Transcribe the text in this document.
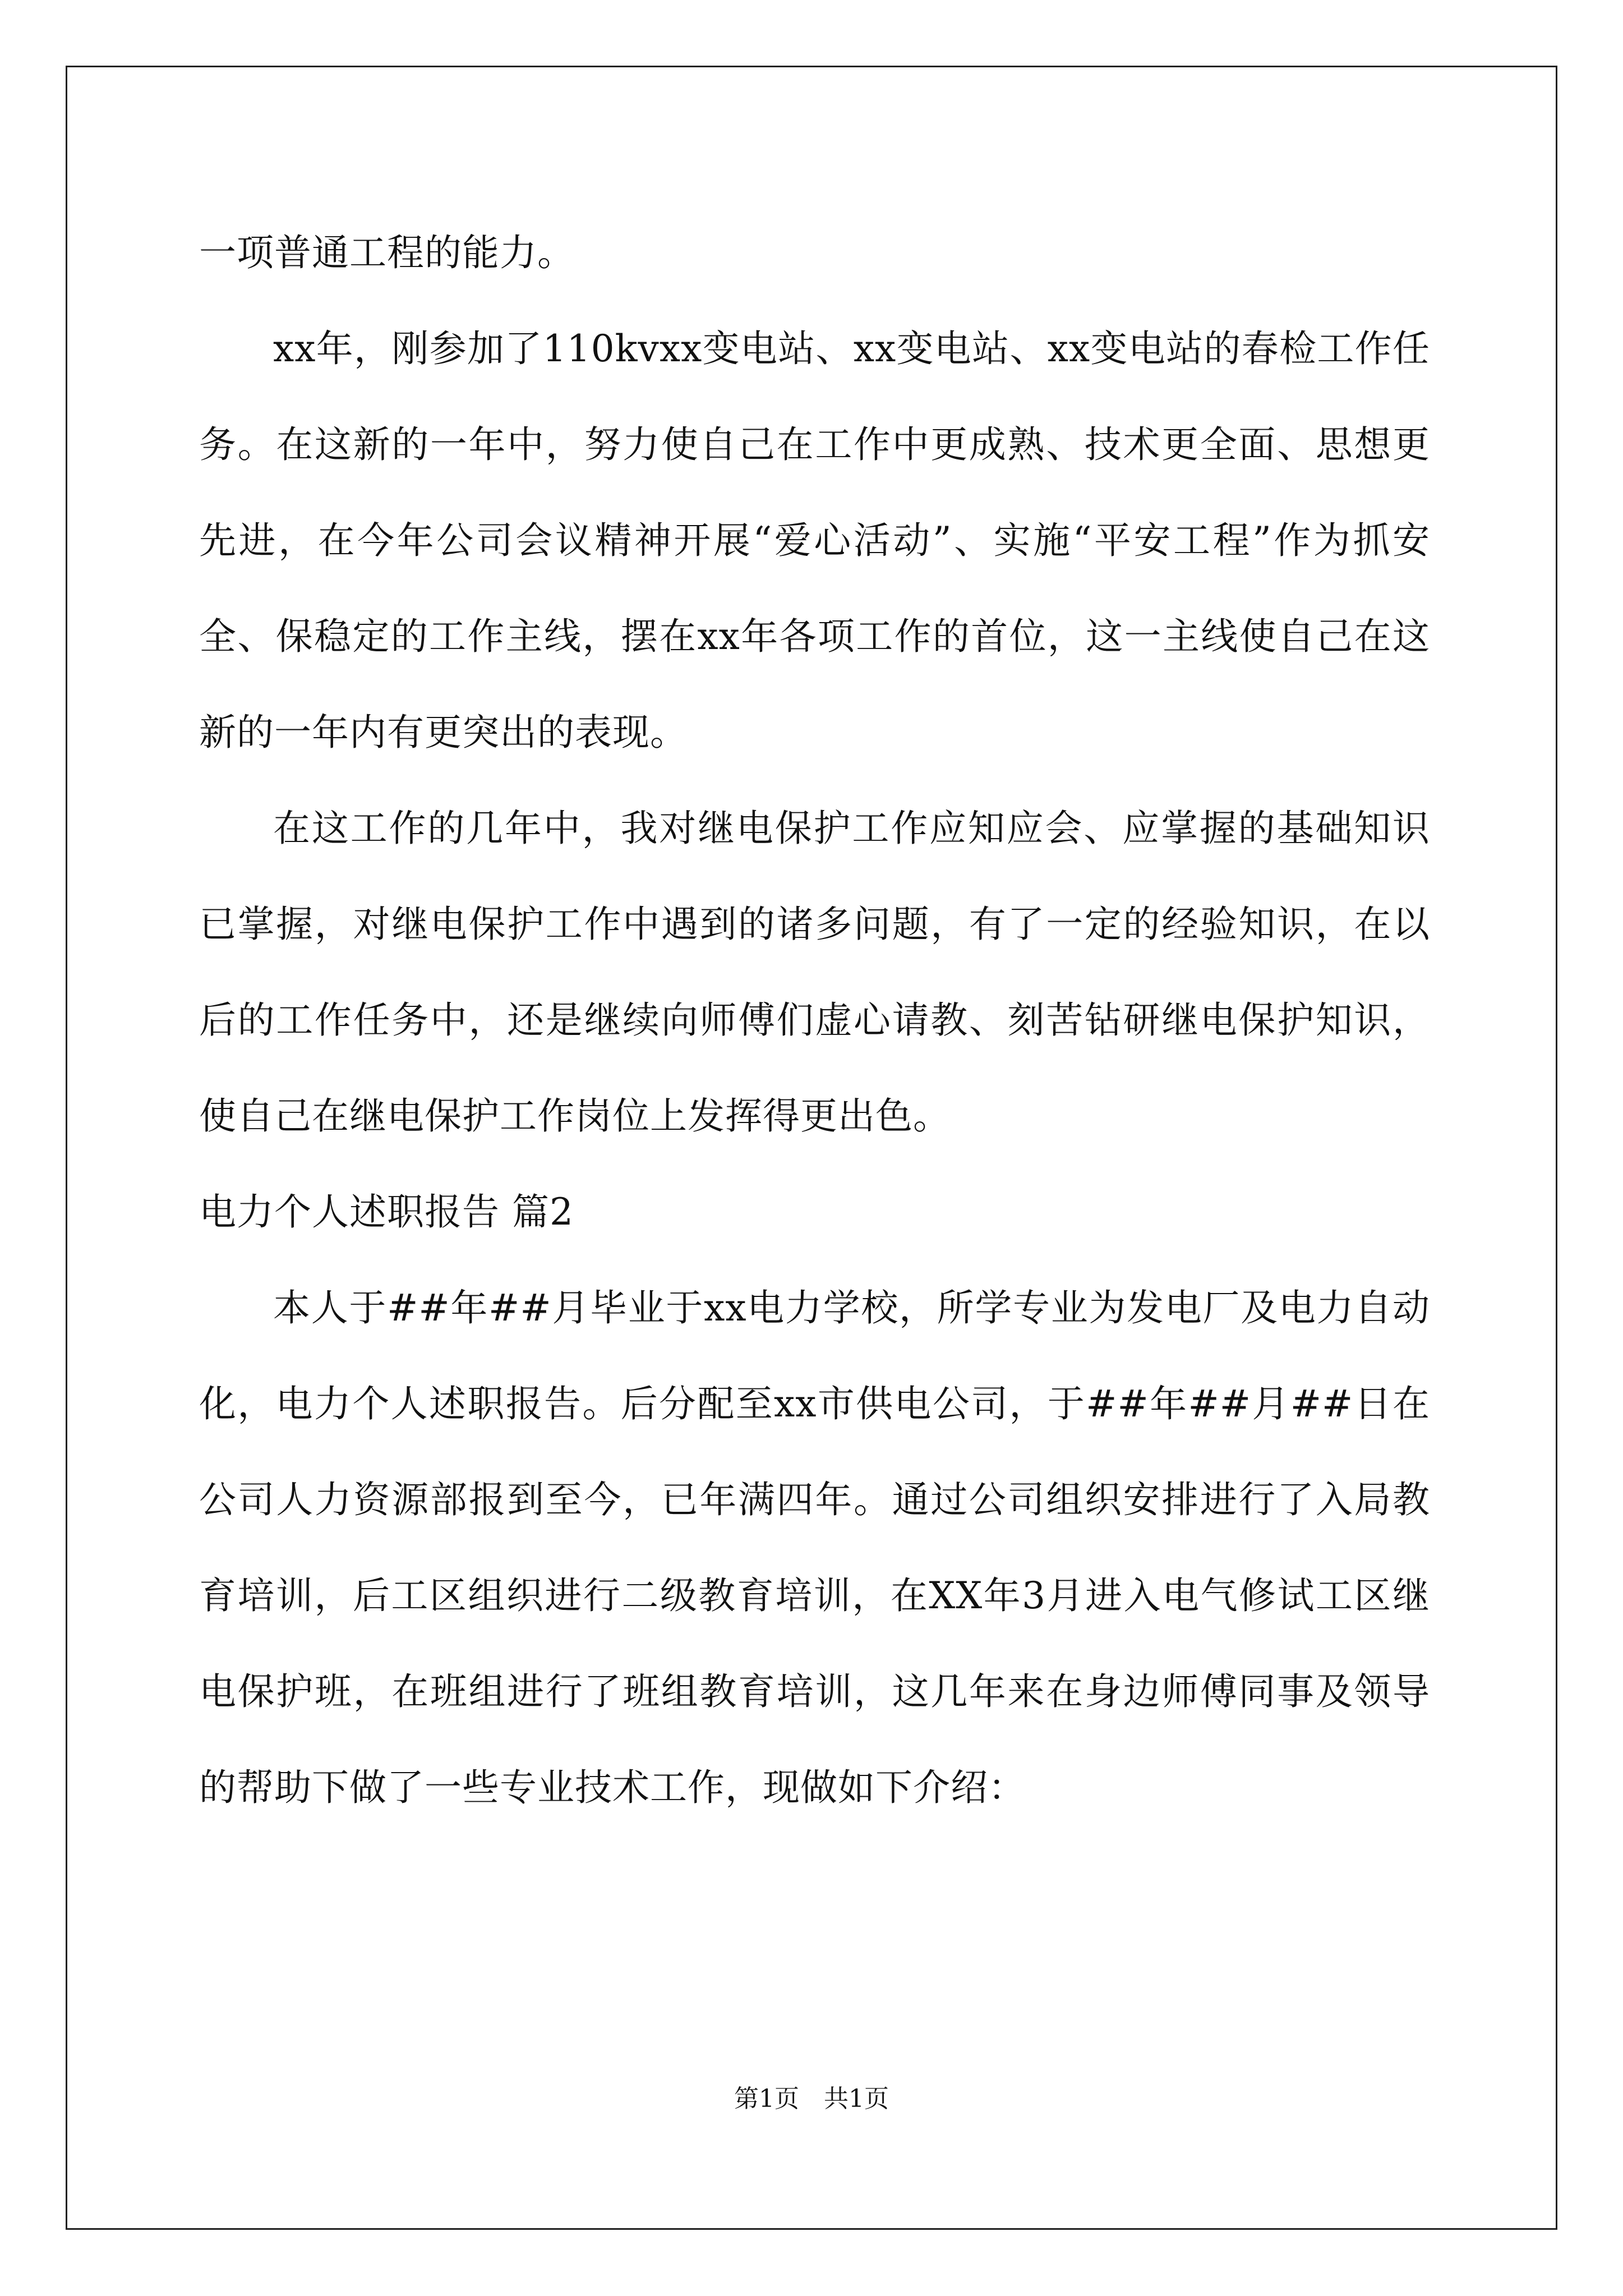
一项普通工程的能力。

xx年，刚参加了110kvxx变电站、xx变电站、xx变电站的春检工作任务。在这新的一年中，努力使自己在工作中更成熟、技术更全面、思想更先进，在今年公司会议精神开展“爱心活动”、实施“平安工程”作为抓安全、保稳定的工作主线，摆在xx年各项工作的首位，这一主线使自己在这新的一年内有更突出的表现。

在这工作的几年中，我对继电保护工作应知应会、应掌握的基础知识已掌握，对继电保护工作中遇到的诸多问题，有了一定的经验知识，在以后的工作任务中，还是继续向师傅们虚心请教、刻苦钻研继电保护知识，使自己在继电保护工作岗位上发挥得更出色。

电力个人述职报告 篇2

本人于##年##月毕业于xx电力学校，所学专业为发电厂及电力自动化，电力个人述职报告。后分配至xx市供电公司，于##年##月##日在公司人力资源部报到至今，已年满四年。通过公司组织安排进行了入局教育培训，后工区组织进行二级教育培训，在XX年3月进入电气修试工区继电保护班，在班组进行了班组教育培训，这几年来在身边师傅同事及领导的帮助下做了一些专业技术工作，现做如下介绍：

第1页　共1页
